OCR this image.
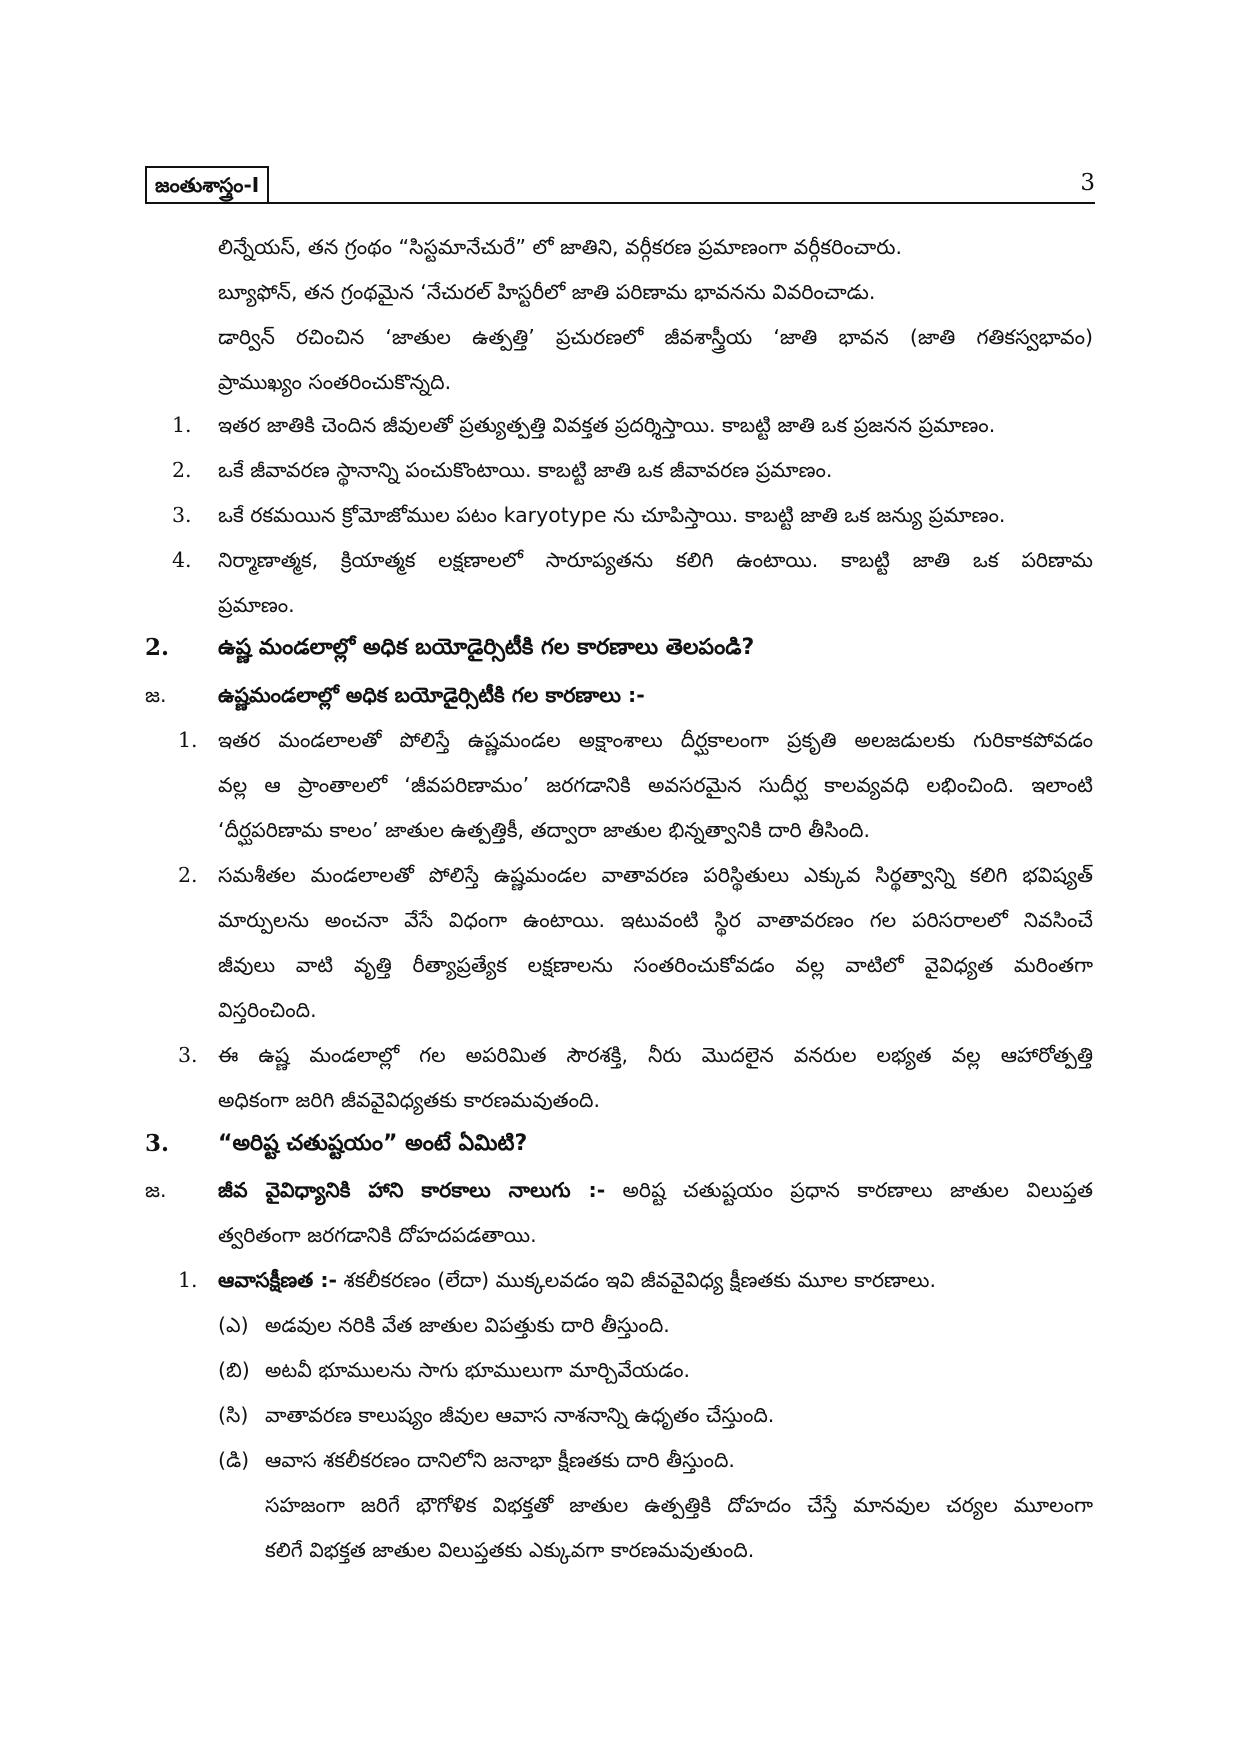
జంతుశాస్త్రం-I	3
లిన్నేయస్, తన గ్రంథం “సిస్టమానేచురే” లో జాతిని, వర్గీకరణ ప్రమాణంగా వర్గీకరించారు.
బ్యూఫోన్, తన గ్రంథమైన ‘నేచురల్ హిస్టరీలో జాతి పరిణామ భావనను వివరించాడు.
డార్విన్ రచించిన ‘జాతుల ఉత్పత్తి’ ప్రచురణలో జీవశాస్త్రీయ ‘జాతి భావన (జాతి గతికస్వభావం)
ప్రాముఖ్యం సంతరించుకొన్నది.
1. ఇతర జాతికి చెందిన జీవులతో ప్రత్యుత్పత్తి వివక్తత ప్రదర్శిస్తాయి. కాబట్టి జాతి ఒక ప్రజనన ప్రమాణం.
2. ఒకే జీవావరణ స్థానాన్ని పంచుకొంటాయి. కాబట్టి జాతి ఒక జీవావరణ ప్రమాణం.
3. ఒకే రకమయిన క్రోమోజోముల పటం karyotype ను చూపిస్తాయి. కాబట్టి జాతి ఒక జన్యు ప్రమాణం.
4. నిర్మాణాత్మక, క్రియాత్మక లక్షణాలలో సారూప్యతను కలిగి ఉంటాయి. కాబట్టి జాతి ఒక పరిణామ
ప్రమాణం.
2. ఉష్ణ మండలాల్లో అధిక బయోడైర్సిటీకి గల కారణాలు తెలపండి?
జ.	ఉష్ణమండలాల్లో అధిక బయోడైర్సిటీకి గల కారణాలు :-
1. ఇతర మండలాలతో పోలిస్తే ఉష్ణమండల అక్షాంశాలు దీర్ఘకాలంగా ప్రకృతి అలజడులకు గురికాకపోవడం
వల్ల ఆ ప్రాంతాలలో ‘జీవపరిణామం’ జరగడానికి అవసరమైన సుదీర్ఘ కాలవ్యవధి లభించింది. ఇలాంటి
‘దీర్ఘపరిణామ కాలం’ జాతుల ఉత్పత్తికీ, తద్వారా జాతుల భిన్నత్వానికి దారి తీసింది.
2. సమశీతల మండలాలతో పోలిస్తే ఉష్ణమండల వాతావరణ పరిస్థితులు ఎక్కువ సిర్థత్వాన్ని కలిగి భవిష్యత్
మార్పులను అంచనా వేసే విధంగా ఉంటాయి. ఇటువంటి స్థిర వాతావరణం గల పరిసరాలలో నివసించే
జీవులు వాటి వృత్తి రీత్యాప్రత్యేక లక్షణాలను సంతరించుకోవడం వల్ల వాటిలో వైవిధ్యత మరింతగా
విస్తరించింది.
3. ఈ ఉష్ణ మండలాల్లో గల అపరిమిత సౌరశక్తి, నీరు మొదలైన వనరుల లభ్యత వల్ల ఆహారోత్పత్తి
అధికంగా జరిగి జీవవైవిధ్యతకు కారణమవుతంది.
3. “అరిష్ట చతుష్టయం” అంటే ఏమిటి?
జ.	జీవ వైవిధ్యానికి హాని కారకాలు నాలుగు :- అరిష్ట చతుష్టయం ప్రధాన కారణాలు జాతుల విలుప్తత
త్వరితంగా జరగడానికి దోహదపడతాయి.
1. ఆవాసక్షీణత :- శకలీకరణం (లేదా) ముక్కలవడం ఇవి జీవవైవిధ్య క్షీణతకు మూల కారణాలు.
(ఎ) అడవుల నరికి వేత జాతుల విపత్తుకు దారి తీస్తుంది.
(బి) అటవీ భూములను సాగు భూములుగా మార్చివేయడం.
(సి) వాతావరణ కాలుష్యం జీవుల ఆవాస నాశనాన్ని ఉధృతం చేస్తుంది.
(డి) ఆవాస శకలీకరణం దానిలోని జనాభా క్షీణతకు దారి తీస్తుంది.
సహజంగా జరిగే భౌగోళిక విభక్తతో జాతుల ఉత్పత్తికి దోహదం చేస్తే మానవుల చర్యల మూలంగా
కలిగే విభక్తత జాతుల విలుప్తతకు ఎక్కువగా కారణమవుతుంది.
